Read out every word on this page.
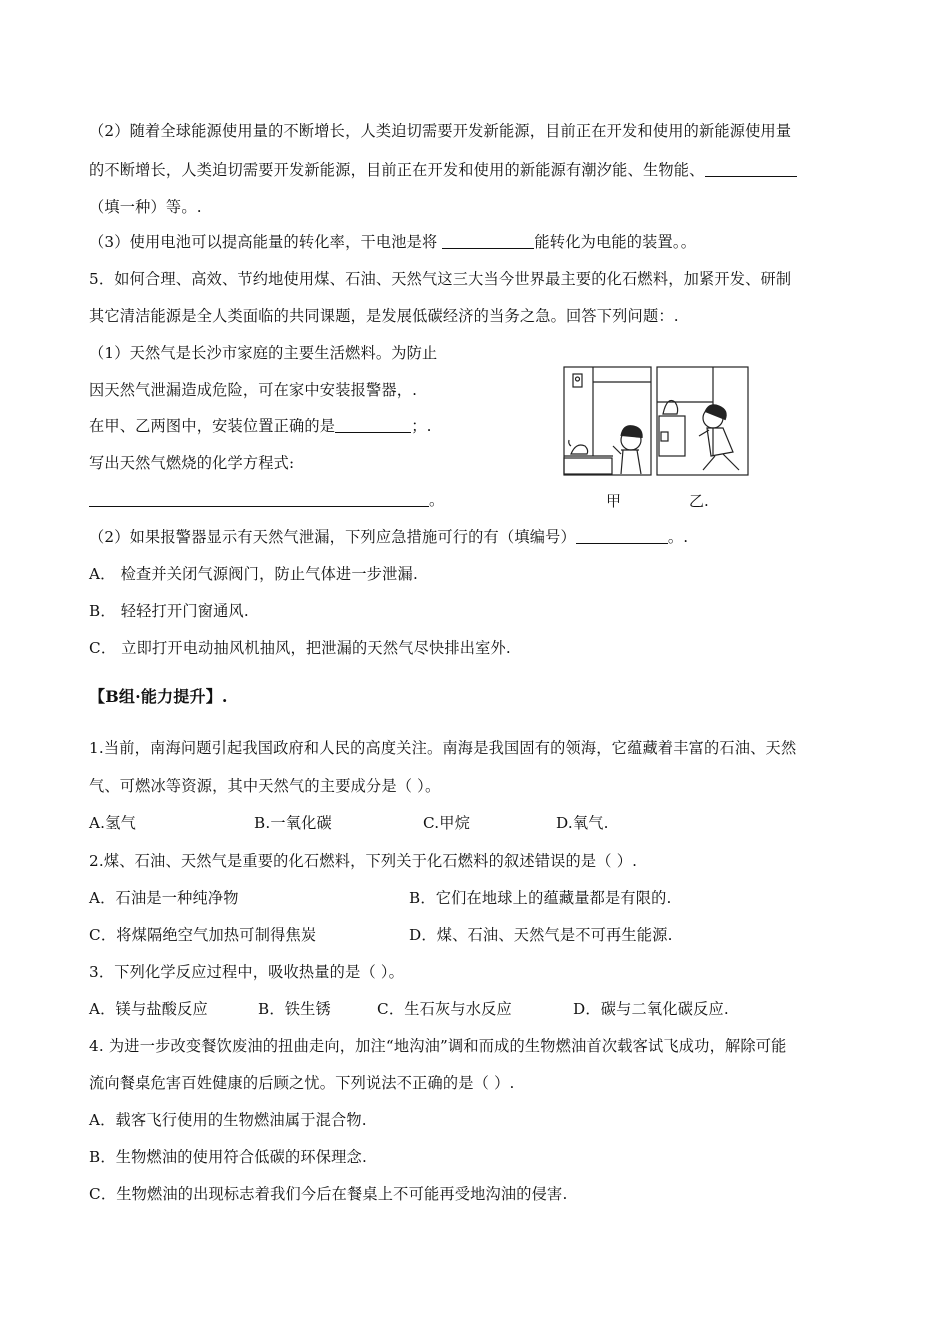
（2）随着全球能源使用量的不断增长，人类迫切需要开发新能源，目前正在开发和使用的新能源使用量
的不断增长，人类迫切需要开发新能源，目前正在开发和使用的新能源有潮汐能、生物能、
（填一种）等。.
（3）使用电池可以提高能量的转化率，干电池是将	能转化为电能的装置。。
5．如何合理、高效、节约地使用煤、石油、天然气这三大当今世界最主要的化石燃料，加紧开发、研制
其它清洁能源是全人类面临的共同课题，是发展低碳经济的当务之急。回答下列问题：.
（1）天然气是长沙市家庭的主要生活燃料。为防止
因天然气泄漏造成危险，可在家中安装报警器，.
在甲、乙两图中，安装位置正确的是	；.
写出天然气燃烧的化学方程式:
。	甲	乙.
（2）如果报警器显示有天然气泄漏，下列应急措施可行的有（填编号）	。.
A． 检查并关闭气源阀门，防止气体进一步泄漏.
B． 轻轻打开门窗通风.
C． 立即打开电动抽风机抽风，把泄漏的天然气尽快排出室外.
【B组·能力提升】.
1.当前，南海问题引起我国政府和人民的高度关注。南海是我国固有的领海，它蕴藏着丰富的石油、天然
气、可燃冰等资源，其中天然气的主要成分是（ ）。
A.氢气	B.一氧化碳	C.甲烷	D.氧气.
2.煤、石油、天然气是重要的化石燃料，下列关于化石燃料的叙述错误的是（ ）.
A．石油是一种纯净物	B．它们在地球上的蕴藏量都是有限的.
C．将煤隔绝空气加热可制得焦炭	D．煤、石油、天然气是不可再生能源.
3．下列化学反应过程中，吸收热量的是（ ）。
A．镁与盐酸反应	B．铁生锈	C．生石灰与水反应	D．碳与二氧化碳反应.
4. 为进一步改变餐饮废油的扭曲走向，加注“地沟油”调和而成的生物燃油首次载客试飞成功，解除可能
流向餐桌危害百姓健康的后顾之忧。下列说法不正确的是（ ）.
A．载客飞行使用的生物燃油属于混合物.
B．生物燃油的使用符合低碳的环保理念.
C．生物燃油的出现标志着我们今后在餐桌上不可能再受地沟油的侵害.
